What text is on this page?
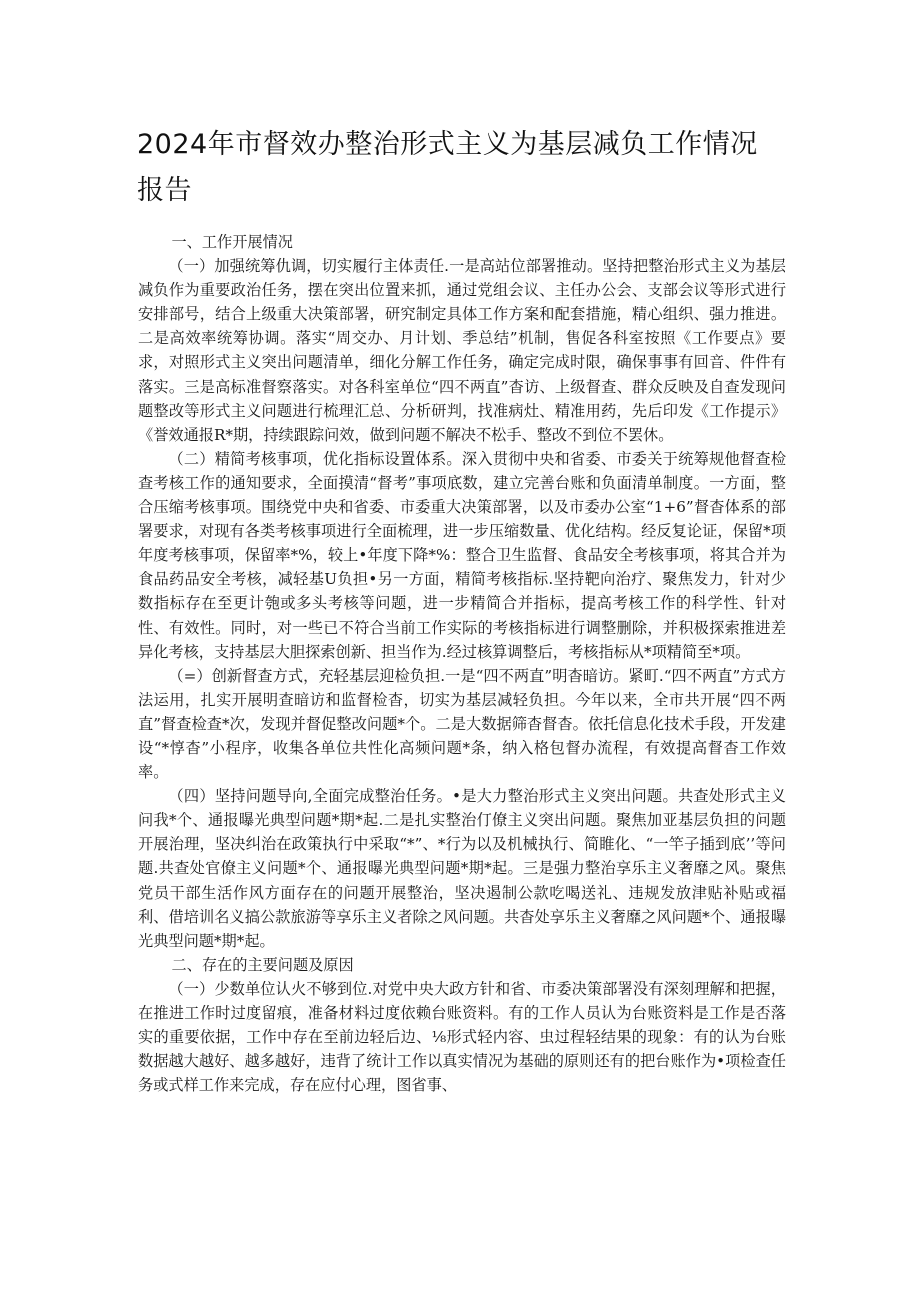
2024年市督效办整治形式主义为基层减负工作情况
报告

一、工作开展情况

（一）加强统筹仇调，切实履行主体责任.一是高站位部署推动。坚持把整治形式主义为基层减负作为重要政治任务，摆在突出位置来抓，通过党组会议、主任办公会、支部会议等形式进行安排部号，结合上级重大决策部署，研究制定具体工作方案和配套措施，精心组织、强力推进。二是高效率统筹协调。落实“周交办、月计划、季总结”机制，售促各科室按照《工作要点》要求，对照形式主义突出问题清单，细化分解工作任务，确定完成时限，确保事事有回音、件件有落实。三是高标准督察落实。对各科室单位“四不两直”杳访、上级督查、群众反映及自查发现问题整改等形式主义问题进行梳理汇总、分析研判，找准病灶、精准用药，先后印发《工作提示》《誉效通报R*期，持续跟踪问效，做到问题不解决不松手、整改不到位不罢休。

（二）精简考核事项，优化指标设置体系。深入贯彻中央和省委、市委关于统筹规他督查检查考核工作的通知要求，全面摸清“督考”事项底数，建立完善台账和负面清单制度。一方面，整合压缩考核事项。围绕党中央和省委、市委重大决策部署，以及市委办公室“1+6”督杳体系的部署要求，对现有各类考核事项进行全面梳理，进一步压缩数量、优化结构。经反复论证，保留*项年度考核事项，保留率*%，较上•年度下降*%：整合卫生监督、食品安全考核事项，将其合并为食品药品安全考核，减轻基U负担•另一方面，精简考核指标.坚持靶向治疗、聚焦发力，针对少数指标存在至更计匏或多头考核等问题，进一步精简合并指标，提高考核工作的科学性、针对性、有效性。同时，对一些已不符合当前工作实际的考核指标进行调整删除，并积极探索推进差异化考核，支持基层大胆探索创新、担当作为.经过核算调整后，考核指标从*项精简至*项。

（=）创新督查方式，充轻基层迎检负担.一是“四不两直”明杳暗访。紧町.“四不两直”方式方法运用，扎实开展明查暗访和监督检杳，切实为基层减轻负担。今年以来，全市共开展“四不两直”督查检查*次，发现并督促整改问题*个。二是大数据筛杳督杳。依托信息化技术手段，开发建设“*惇杳”小程序，收集各单位共性化高频问题*条，纳入格包督办流程，有效提高督杳工作效率。

（四）坚持问题导向,全面完成整治任务。•是大力整治形式主义突出问题。共查处形式主义问我*个、通报曝光典型问题*期*起.二是扎实整治仃僚主义突出问题。聚焦加亚基层负担的问题开展治理，坚决纠治在政策执行中采取“*”、*行为以及机械执行、简睢化、“一竿子插到底’’等问题.共查处官僚主义问题*个、通报曝光典型问题*期*起。三是强力整治享乐主义奢靡之风。聚焦党员干部生活作风方面存在的问题开展整治，坚决遏制公款吃喝送礼、违规发放津贴补贴或福利、借培训名义搞公款旅游等享乐主义者除之风问题。共杳处享乐主义奢靡之风问题*个、通报曝光典型问题*期*起。

二、存在的主要问题及原因

（一）少数单位认火不够到位.对党中央大政方针和省、市委决策部署没有深刻理解和把握，在推进工作时过度留痕，准备材料过度依赖台账资料。有的工作人员认为台账资料是工作是否落实的重要依据，工作中存在至前边轻后边、⅛形式轻内容、虫过程轻结果的现象：有的认为台账数据越大越好、越多越好，违背了统计工作以真实情况为基础的原则还有的把台账作为•项检查任务或式样工作来完成，存在应付心理，图省事、
